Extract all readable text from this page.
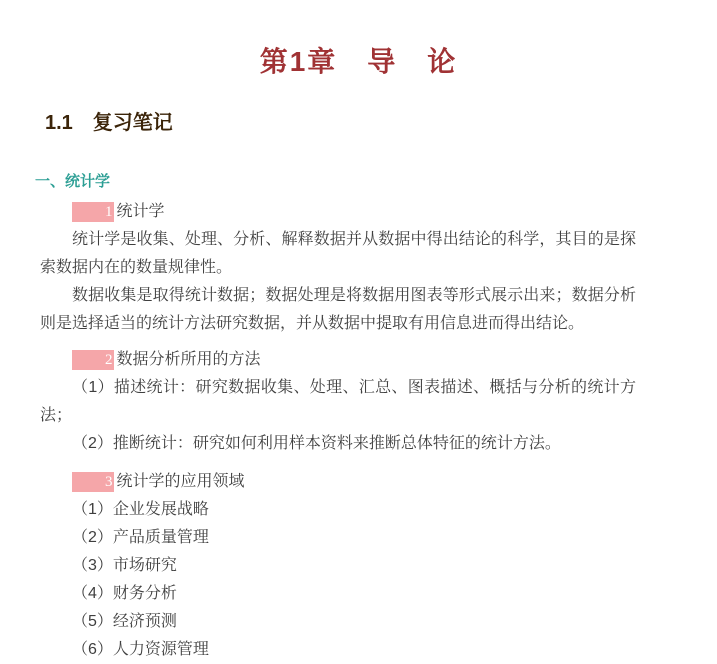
第1章　导　论
1.1　复习笔记
一、统计学

1 统计学

统计学是收集、处理、分析、解释数据并从数据中得出结论的科学，其目的是探索数据内在的数量规律性。

数据收集是取得统计数据；数据处理是将数据用图表等形式展示出来；数据分析则是选择适当的统计方法研究数据，并从数据中提取有用信息进而得出结论。

2 数据分析所用的方法

（1）描述统计：研究数据收集、处理、汇总、图表描述、概括与分析的统计方法；

（2）推断统计：研究如何利用样本资料来推断总体特征的统计方法。

3 统计学的应用领域

（1）企业发展战略

（2）产品质量管理

（3）市场研究

（4）财务分析

（5）经济预测

（6）人力资源管理
